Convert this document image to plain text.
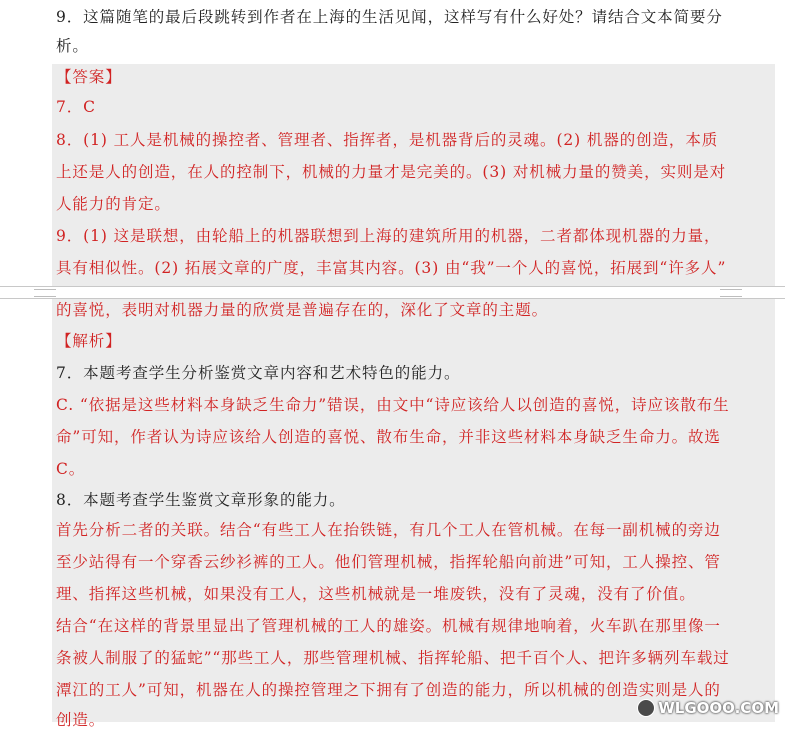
9．这篇随笔的最后段跳转到作者在上海的生活见闻，这样写有什么好处？请结合文本简要分
析。
【答案】
7．C
8．(1) 工人是机械的操控者、管理者、指挥者，是机器背后的灵魂。(2) 机器的创造，本质
上还是人的创造，在人的控制下，机械的力量才是完美的。(3) 对机械力量的赞美，实则是对
人能力的肯定。
9．(1) 这是联想，由轮船上的机器联想到上海的建筑所用的机器，二者都体现机器的力量，
具有相似性。(2) 拓展文章的广度，丰富其内容。(3) 由“我”一个人的喜悦，拓展到“许多人”
的喜悦，表明对机器力量的欣赏是普遍存在的，深化了文章的主题。
【解析】
7．本题考查学生分析鉴赏文章内容和艺术特色的能力。
C. “依据是这些材料本身缺乏生命力”错误，由文中“诗应该给人以创造的喜悦，诗应该散布生
命”可知，作者认为诗应该给人创造的喜悦、散布生命，并非这些材料本身缺乏生命力。故选
C。
8．本题考查学生鉴赏文章形象的能力。
首先分析二者的关联。结合“有些工人在抬铁链，有几个工人在管机械。在每一副机械的旁边
至少站得有一个穿香云纱衫裤的工人。他们管理机械，指挥轮船向前进”可知，工人操控、管
理、指挥这些机械，如果没有工人，这些机械就是一堆废铁，没有了灵魂，没有了价值。
结合“在这样的背景里显出了管理机械的工人的雄姿。机械有规律地响着，火车趴在那里像一
条被人制服了的猛蛇”“那些工人，那些管理机械、指挥轮船、把千百个人、把许多辆列车载过
潭江的工人”可知，机器在人的操控管理之下拥有了创造的能力，所以机械的创造实则是人的
创造。
WLGOOO.COM
